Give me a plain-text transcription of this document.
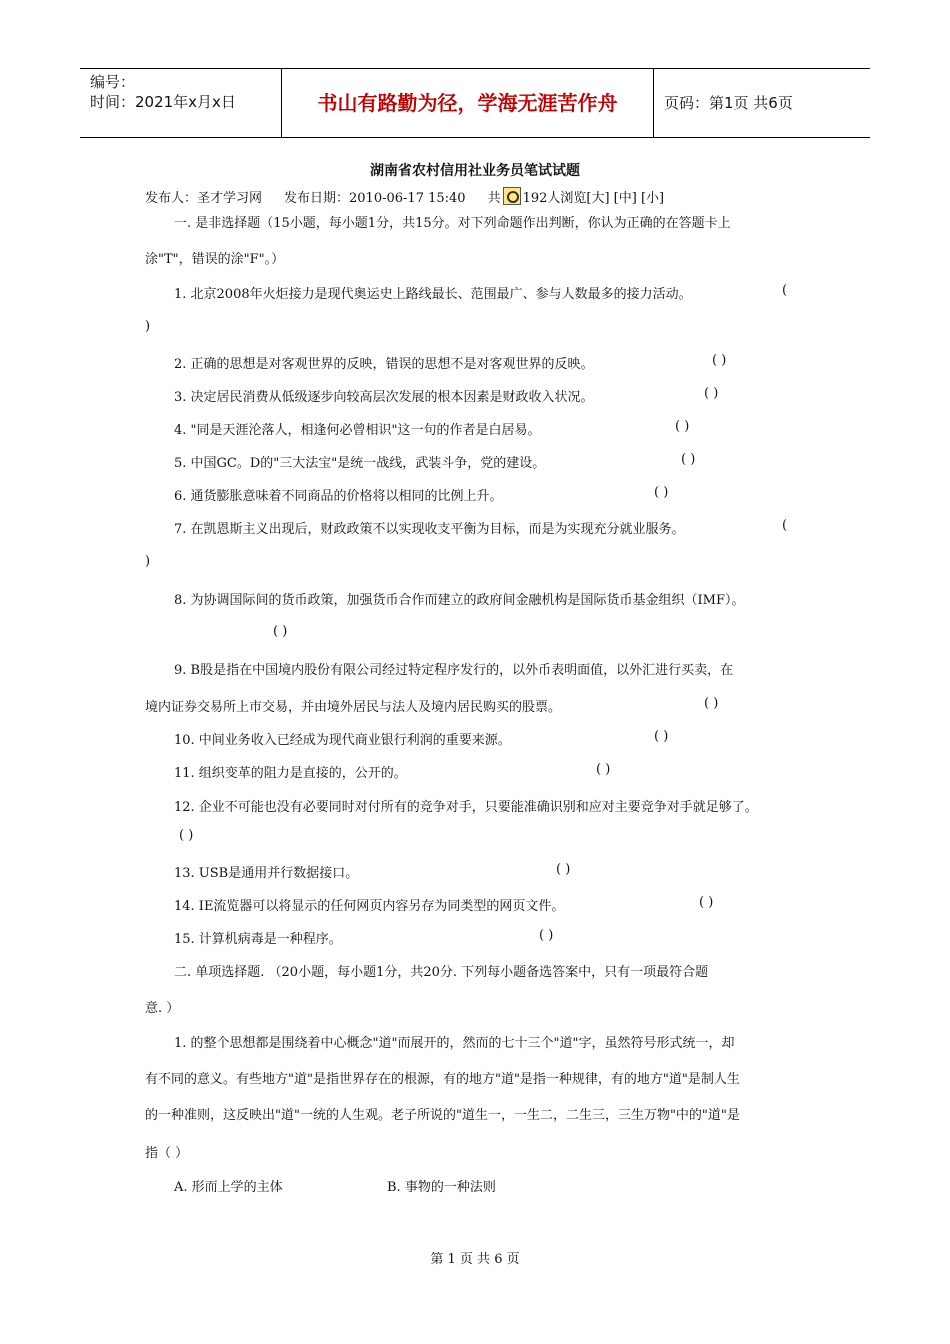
编号：
时间：2021年x月x日	书山有路勤为径，学海无涯苦作舟	页码：第1页 共6页
湖南省农村信用社业务员笔试试题
发布人：圣才学习网 发布日期：2010-06-17 15:40 共 192人浏览[大] [中] [小]
一. 是非选择题（15小题，每小题1分，共15分。对下列命题作出判断，你认为正确的在答题卡上
涂"T"，错误的涂"F"。）
1. 北京2008年火炬接力是现代奥运史上路线最长、范围最广、参与人数最多的接力活动。	(
)
2. 正确的思想是对客观世界的反映，错误的思想不是对客观世界的反映。	( )
3. 决定居民消费从低级逐步向较高层次发展的根本因素是财政收入状况。	( )
4. "同是天涯沦落人，相逢何必曾相识"这一句的作者是白居易。	( )
5. 中国GC。D的"三大法宝"是统一战线，武装斗争，党的建设。	( )
6. 通货膨胀意味着不同商品的价格将以相同的比例上升。	( )
7. 在凯恩斯主义出现后，财政政策不以实现收支平衡为目标，而是为实现充分就业服务。	(
)
8. 为协调国际间的货币政策，加强货币合作而建立的政府间金融机构是国际货币基金组织（IMF）。
( )
9. B股是指在中国境内股份有限公司经过特定程序发行的，以外币表明面值，以外汇进行买卖，在
境内证券交易所上市交易，并由境外居民与法人及境内居民购买的股票。	( )
10. 中间业务收入已经成为现代商业银行利润的重要来源。	( )
11. 组织变革的阻力是直接的，公开的。	( )
12. 企业不可能也没有必要同时对付所有的竞争对手，只要能准确识别和应对主要竞争对手就足够了。
( )
13. USB是通用并行数据接口。	( )
14. IE流览器可以将显示的任何网页内容另存为同类型的网页文件。	( )
15. 计算机病毒是一种程序。	( )
二. 单项选择题. （20小题，每小题1分，共20分. 下列每小题备选答案中，只有一项最符合题
意. ）
1. 的整个思想都是围绕着中心概念"道"而展开的，然而的七十三个"道"字，虽然符号形式统一，却
有不同的意义。有些地方"道"是指世界存在的根源，有的地方"道"是指一种规律，有的地方"道"是制人生
的一种准则，这反映出"道"一统的人生观。老子所说的"道生一，一生二，二生三，三生万物"中的"道"是
指（ ）
A. 形而上学的主体	B. 事物的一种法则
第 1 页 共 6 页
